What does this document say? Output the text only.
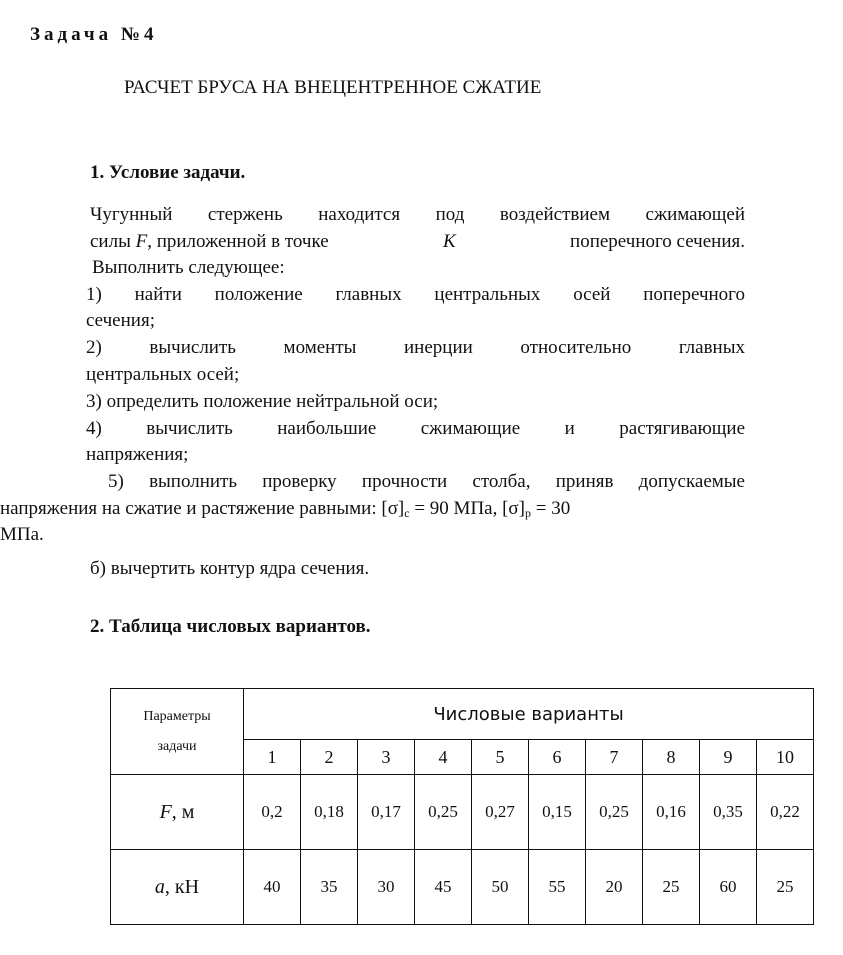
Задача №4
РАСЧЕТ БРУСА НА ВНЕЦЕНТРЕННОЕ СЖАТИЕ
1. Условие задачи.
Чугунный стержень находится под воздействием сжимающей
силы F, приложенной в точке	K	поперечного сечения.
Выполнить следующее:
1) найти положение главных центральных осей поперечного
сечения;
2) вычислить моменты инерции относительно главных
центральных осей;
3) определить положение нейтральной оси;
4) вычислить наибольшие сжимающие и растягивающие
напряжения;
5) выполнить проверку прочности столба, приняв допускаемые
напряжения на сжатие и растяжение равными: $[\sigma]_с = 90$ МПа, $[\sigma]_р = 30$
МПа.
б) вычертить контур ядра сечения.
2. Таблица числовых вариантов.
Параметры
задачи	Числовые варианты									
	1	2	3	4	5	6	7	8	9	10
F, м	0,2	0,18	0,17	0,25	0,27	0,15	0,25	0,16	0,35	0,22
a, кН	40	35	30	45	50	55	20	25	60	25
